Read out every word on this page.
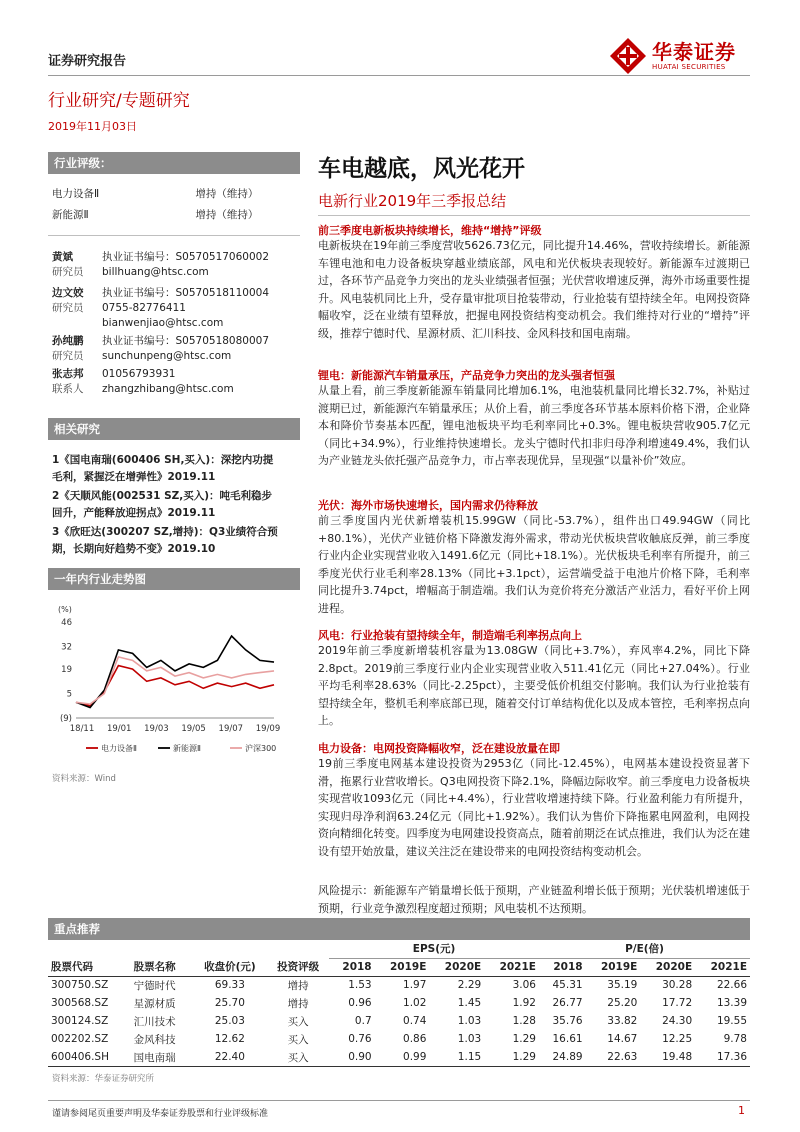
证券研究报告
行业研究/专题研究
2019年11月03日
华泰证券
HUATAI SECURITIES
行业评级：
电力设备Ⅱ	增持（维持）
新能源Ⅱ	增持（维持）
黄斌	执业证书编号：S0570517060002
研究员 billhuang@htsc.com
边文姣 执业证书编号：S0570518110004
研究员 0755-82776411
bianwenjiao@htsc.com
孙纯鹏 执业证书编号：S0570518080007
研究员 sunchunpeng@htsc.com
张志邦 01056793931
联系人 zhangzhibang@htsc.com
相关研究
1《国电南瑞(600406 SH,买入)：深挖内功提
毛利，紧握泛在增弹性》2019.11
2《天顺风能(002531 SZ,买入)：吨毛利稳步
回升，产能释放迎拐点》2019.11
3《欣旺达(300207 SZ,增持)：Q3业绩符合预
期，长期向好趋势不变》2019.10
一年内行业走势图
(%)
(9)
5
19
32
46
18/11 19/01 19/03 19/05 19/07 19/09
电力设备Ⅱ	新能源Ⅱ	沪深300
资料来源：Wind
车电越底，风光花开
电新行业2019年三季报总结
前三季度电新板块持续增长，维持“增持”评级
电新板块在19年前三季度营收5626.73亿元，同比提升14.46%，营收持续增长。新能源车锂电池和电力设备板块穿越业绩底部，风电和光伏板块表现较好。新能源车过渡期已过，各环节产品竞争力突出的龙头业绩强者恒强；光伏营收增速反弹，海外市场重要性提升。风电装机同比上升，受存量审批项目抢装带动，行业抢装有望持续全年。电网投资降幅收窄，泛在业绩有望释放，把握电网投资结构变动机会。我们维持对行业的“增持”评级，推荐宁德时代、星源材质、汇川科技、金风科技和国电南瑞。
锂电：新能源汽车销量承压，产品竞争力突出的龙头强者恒强
从量上看，前三季度新能源车销量同比增加6.1%，电池装机量同比增长32.7%，补贴过渡期已过，新能源汽车销量承压；从价上看，前三季度各环节基本原料价格下滑，企业降本和降价节奏基本匹配，锂电池板块平均毛利率同比+0.3%。锂电板块营收905.7亿元（同比+34.9%），行业维持快速增长。龙头宁德时代扣非归母净利增速49.4%，我们认为产业链龙头依托强产品竞争力，市占率表现优异，呈现强“以量补价”效应。
光伏：海外市场快速增长，国内需求仍待释放
前三季度国内光伏新增装机15.99GW（同比-53.7%），组件出口49.94GW（同比+80.1%），光伏产业链价格下降激发海外需求，带动光伏板块营收触底反弹，前三季度行业内企业实现营业收入1491.6亿元（同比+18.1%）。光伏板块毛利率有所提升，前三季度光伏行业毛利率28.13%（同比+3.1pct），运营端受益于电池片价格下降，毛利率同比提升3.74pct，增幅高于制造端。我们认为竞价将充分激活产业活力，看好平价上网进程。
风电：行业抢装有望持续全年，制造端毛利率拐点向上
2019年前三季度新增装机容量为13.08GW（同比+3.7%），弃风率4.2%，同比下降2.8pct。2019前三季度行业内企业实现营业收入511.41亿元（同比+27.04%）。行业平均毛利率28.63%（同比-2.25pct），主要受低价机组交付影响。我们认为行业抢装有望持续全年，整机毛利率底部已现，随着交付订单结构优化以及成本管控，毛利率拐点向上。
电力设备：电网投资降幅收窄，泛在建设放量在即
19前三季度电网基本建设投资为2953亿（同比-12.45%），电网基本建设投资显著下滑，拖累行业营收增长。Q3电网投资下降2.1%，降幅边际收窄。前三季度电力设备板块实现营收1093亿元（同比+4.4%），行业营收增速持续下降。行业盈利能力有所提升，实现归母净利润63.24亿元（同比+1.92%）。我们认为售价下降拖累电网盈利，电网投资向精细化转变。四季度为电网建设投资高点，随着前期泛在试点推进，我们认为泛在建设有望开始放量，建议关注泛在建设带来的电网投资结构变动机会。
风险提示：新能源车产销量增长低于预期，产业链盈利增长低于预期；光伏装机增速低于预期，行业竞争激烈程度超过预期；风电装机不达预期。
重点推荐
				EPS(元)				P/E(倍)			
股票代码	股票名称	收盘价(元)	投资评级	2018	2019E	2020E	2021E	2018	2019E	2020E	2021E
300750.SZ	宁德时代	69.33	增持	1.53	1.97	2.29	3.06	45.31	35.19	30.28	22.66
300568.SZ	星源材质	25.70	增持	0.96	1.02	1.45	1.92	26.77	25.20	17.72	13.39
300124.SZ	汇川技术	25.03	买入	0.7	0.74	1.03	1.28	35.76	33.82	24.30	19.55
002202.SZ	金风科技	12.62	买入	0.76	0.86	1.03	1.29	16.61	14.67	12.25	9.78
600406.SH	国电南瑞	22.40	买入	0.90	0.99	1.15	1.29	24.89	22.63	19.48	17.36
资料来源：华泰证券研究所
谨请参阅尾页重要声明及华泰证券股票和行业评级标准	1
